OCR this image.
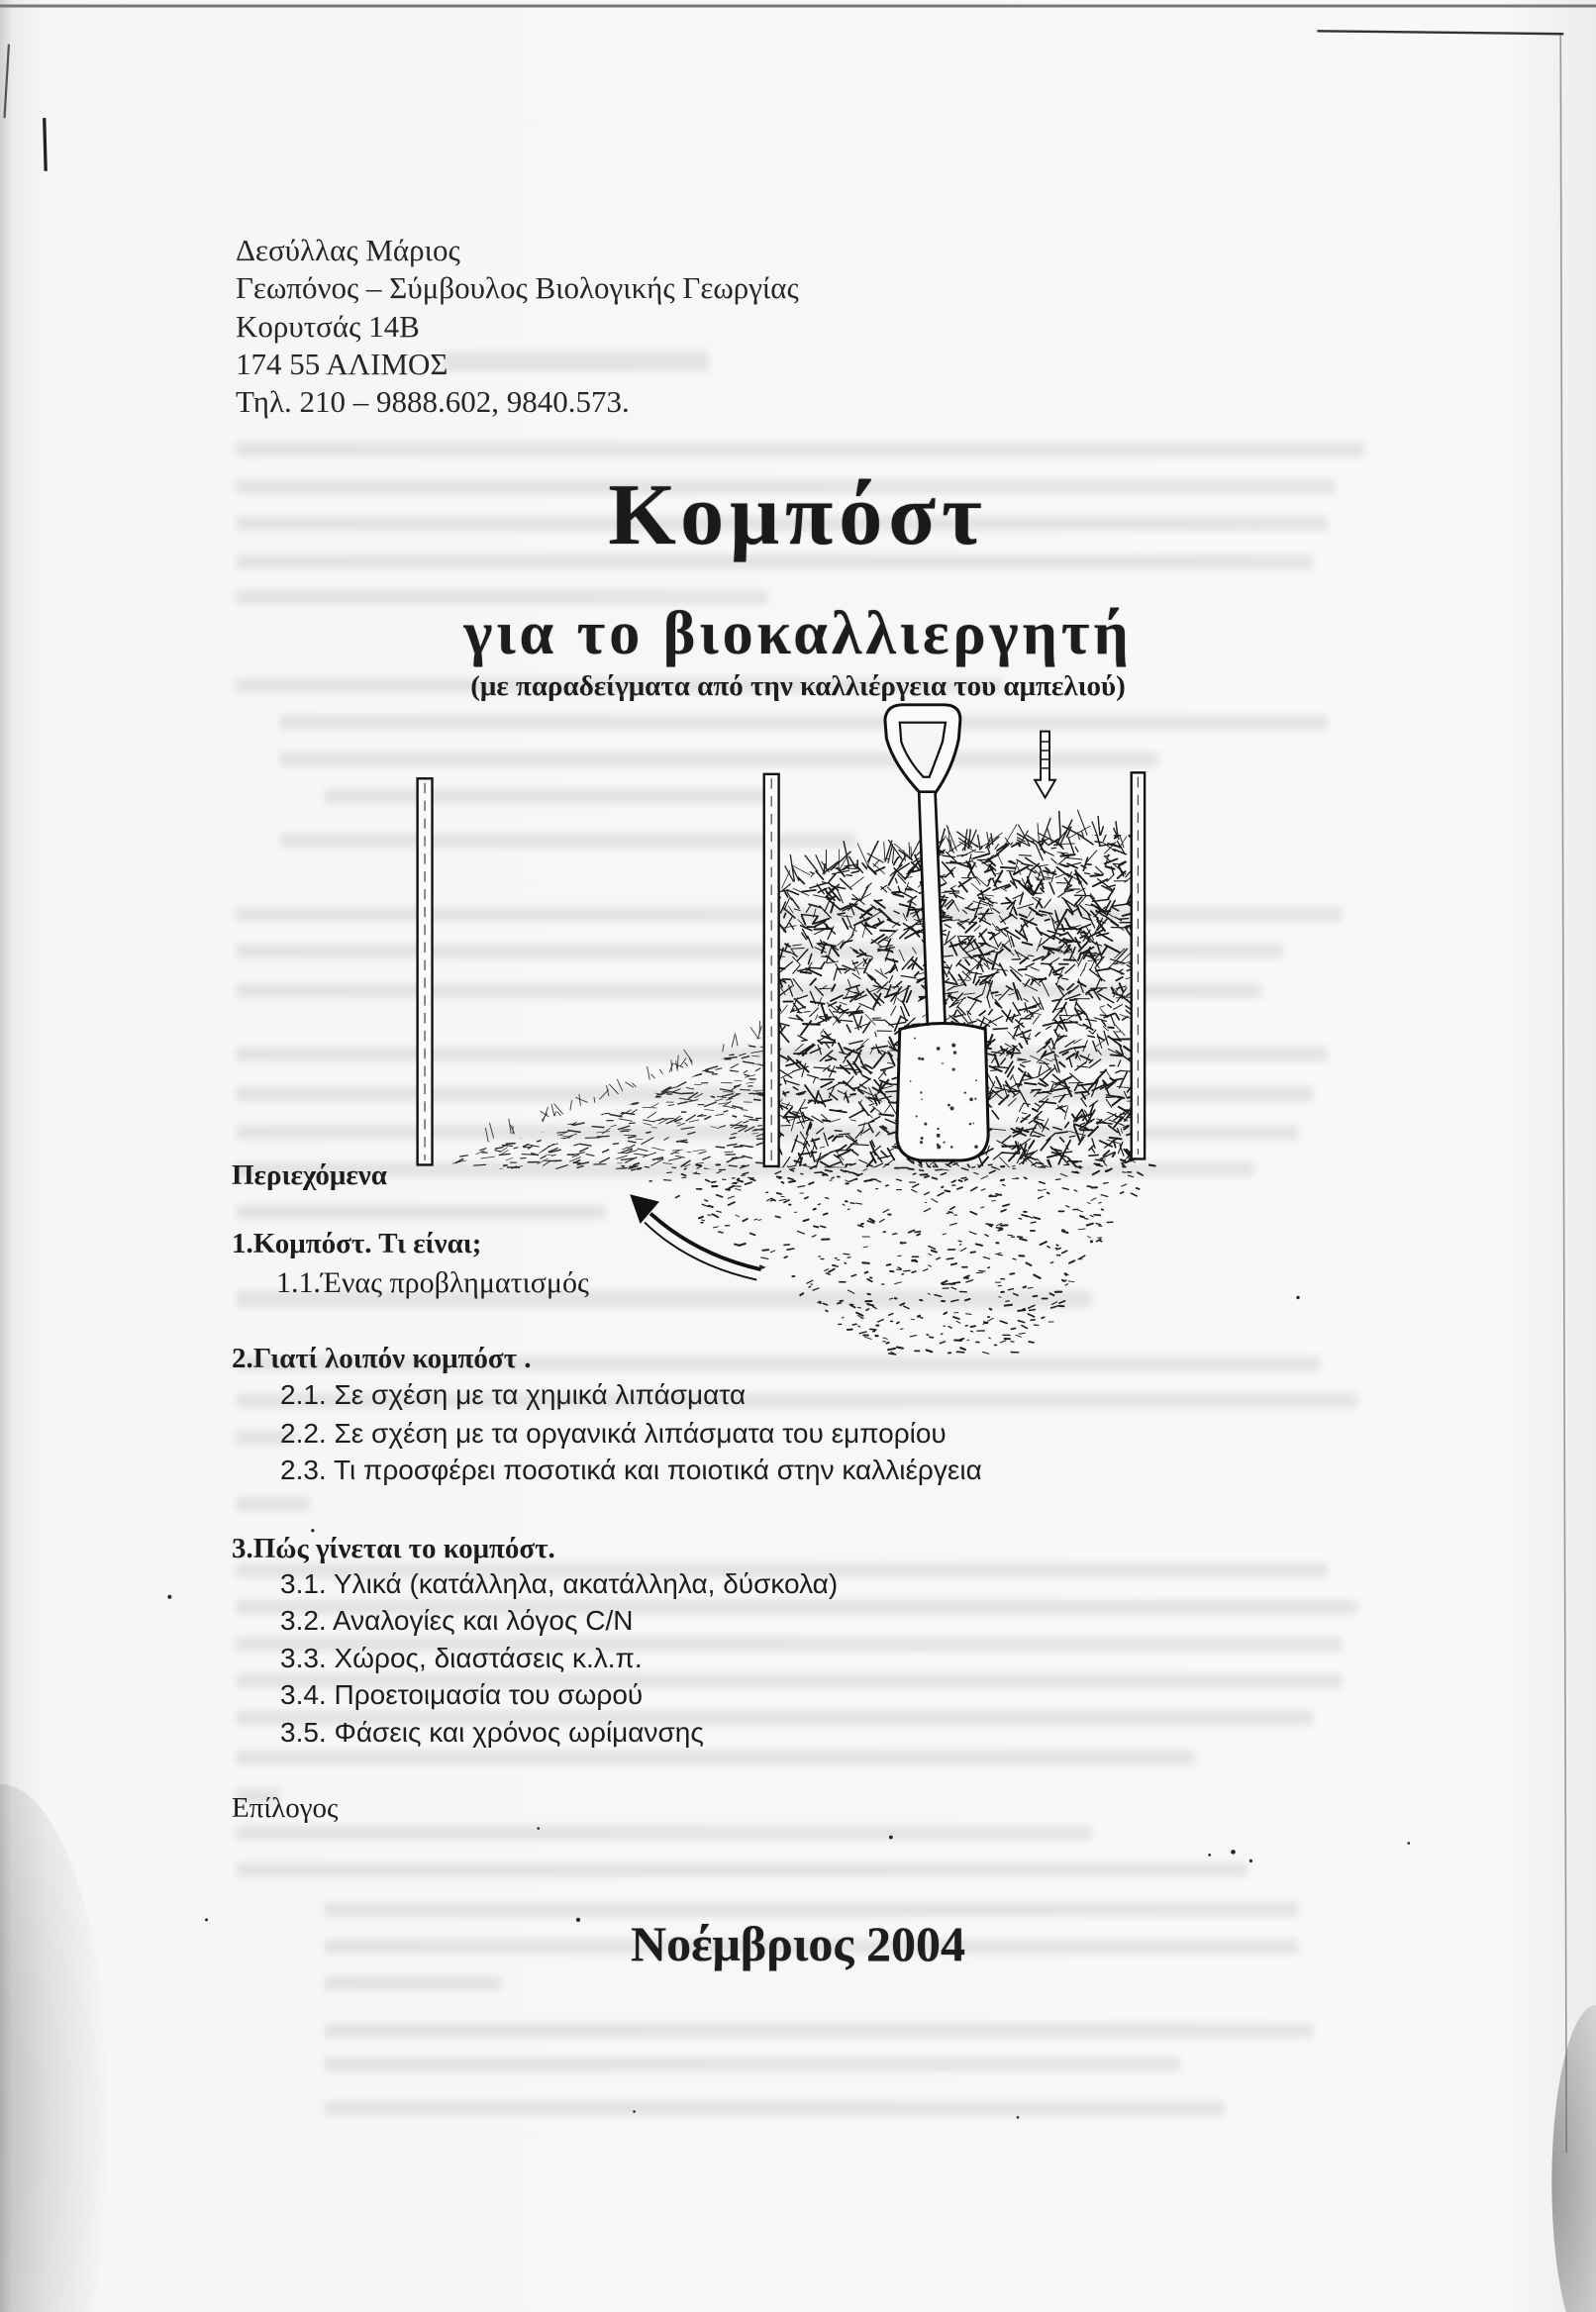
Δεσύλλας Μάριος
Γεωπόνος – Σύμβουλος Βιολογικής Γεωργίας
Κορυτσάς 14Β
174 55 ΑΛΙΜΟΣ
Τηλ. 210 – 9888.602, 9840.573.
Κομπόστ
για το βιοκαλλιεργητή
(με παραδείγματα από την καλλιέργεια του αμπελιού)
Περιεχόμενα
1.Κομπόστ. Τι είναι;
1.1.Ένας προβληματισμός
2.Γιατί λοιπόν κομπόστ .
2.1. Σε σχέση με τα χημικά λιπάσματα
2.2. Σε σχέση με τα οργανικά λιπάσματα του εμπορίου
2.3. Τι προσφέρει ποσοτικά και ποιοτικά στην καλλιέργεια
3.Πώς γίνεται το κομπόστ.
3.1. Υλικά (κατάλληλα, ακατάλληλα, δύσκολα)
3.2. Αναλογίες και λόγος C/N
3.3. Χώρος, διαστάσεις κ.λ.π.
3.4. Προετοιμασία του σωρού
3.5. Φάσεις και χρόνος ωρίμανσης
Επίλογος
Νοέμβριος 2004
